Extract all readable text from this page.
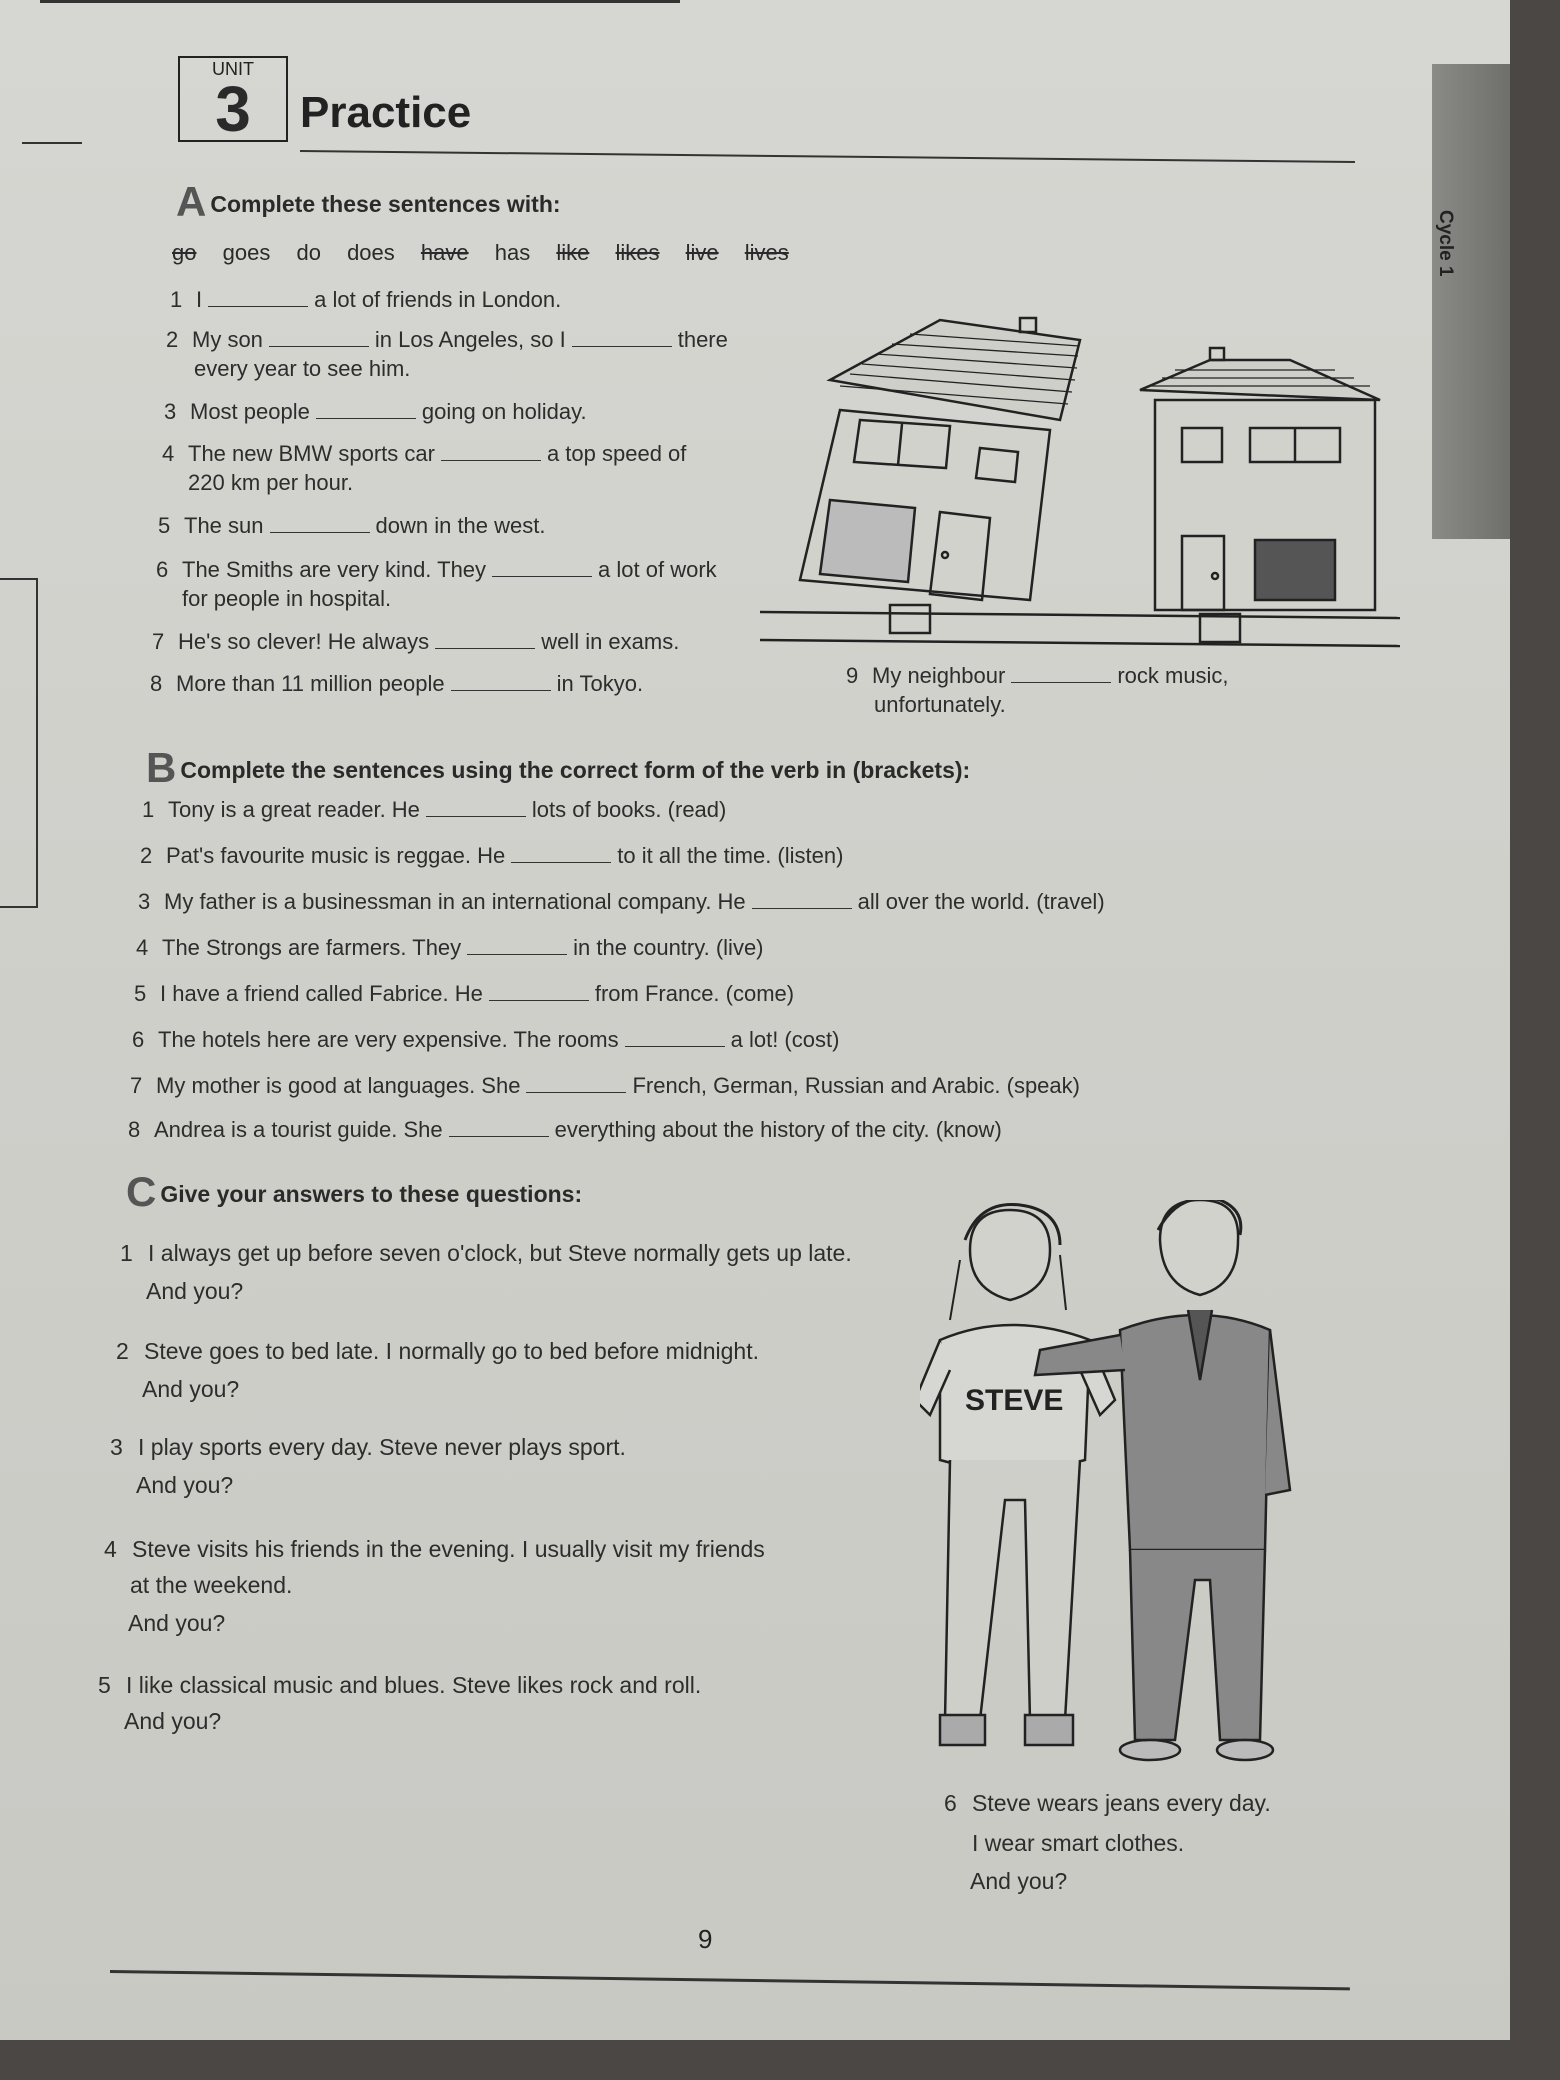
Cycle 1
UNIT
3	Practice
A Complete these sentences with:
go goes do does have has like likes live lives
1 I	a lot of friends in London.
2 My son	in Los Angeles, so I	there
every year to see him.
3 Most people	going on holiday.
4 The new BMW sports car	a top speed of
220 km per hour.
5 The sun	down in the west.
6 The Smiths are very kind. They	a lot of work
for people in hospital.
7 He's so clever! He always	well in exams.
8 More than 11 million people	in Tokyo.	9 My neighbour	rock music,
unfortunately.
B Complete the sentences using the correct form of the verb in (brackets):
1 Tony is a great reader. He	lots of books. (read)
2 Pat's favourite music is reggae. He	to it all the time. (listen)
3 My father is a businessman in an international company. He	all over the world. (travel)
4 The Strongs are farmers. They	in the country. (live)
5 I have a friend called Fabrice. He	from France. (come)
6 The hotels here are very expensive. The rooms	a lot! (cost)
7 My mother is good at languages. She	French, German, Russian and Arabic. (speak)
8 Andrea is a tourist guide. She	everything about the history of the city. (know)
C Give your answers to these questions:
1 I always get up before seven o'clock, but Steve normally gets up late.
And you?
2 Steve goes to bed late. I normally go to bed before midnight.
And you?
3 I play sports every day. Steve never plays sport.
And you?
4 Steve visits his friends in the evening. I usually visit my friends
at the weekend.
And you?
5 I like classical music and blues. Steve likes rock and roll.
And you?
6 Steve wears jeans every day.
I wear smart clothes.
And you?
STEVE
9
